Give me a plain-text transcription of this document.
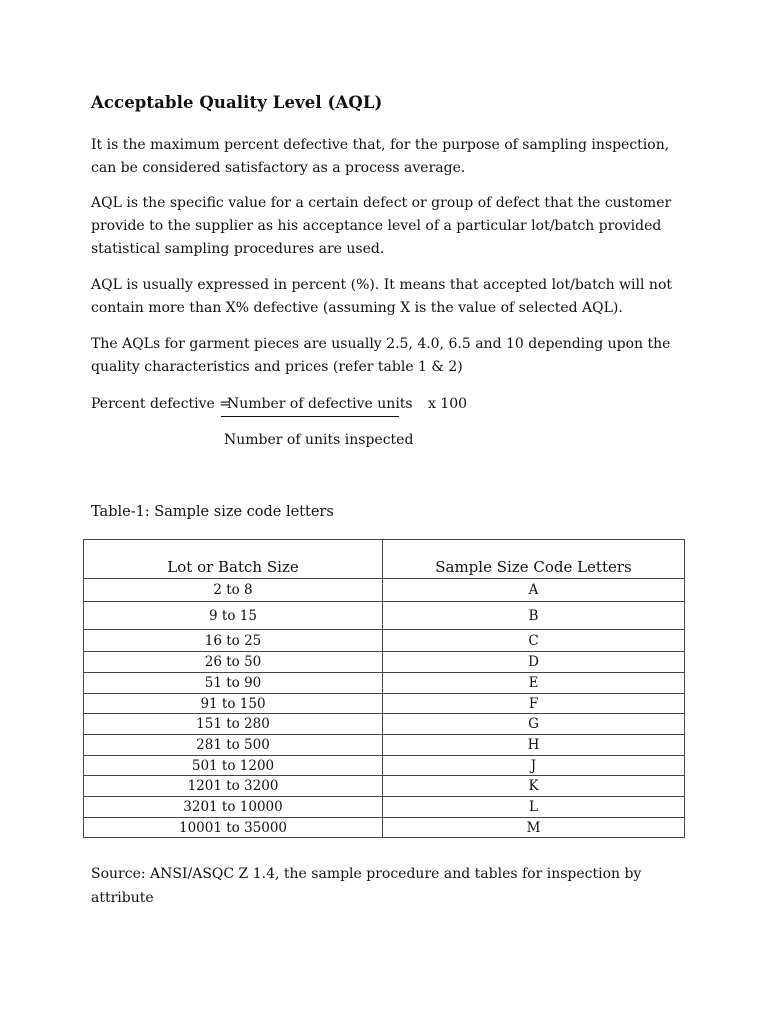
Acceptable Quality Level (AQL)
It is the maximum percent defective that, for the purpose of sampling inspection, can be considered satisfactory as a process average.
AQL is the specific value for a certain defect or group of defect that the customer provide to the supplier as his acceptance level of a particular lot/batch provided statistical sampling procedures are used.
AQL is usually expressed in percent (%). It means that accepted lot/batch will not contain more than X% defective (assuming X is the value of selected AQL).
The AQLs for garment pieces are usually 2.5, 4.0, 6.5 and 10 depending upon the quality characteristics and prices (refer table 1 & 2)
Percent defective =
Number of defective units x 100
Number of units inspected
Table-1: Sample size code letters
Lot or Batch Size	Sample Size Code Letters
2 to 8	A
9 to 15	B
16 to 25	C
26 to 50	D
51 to 90	E
91 to 150	F
151 to 280	G
281 to 500	H
501 to 1200	J
1201 to 3200	K
3201 to 10000	L
10001 to 35000	M
Source: ANSI/ASQC Z 1.4, the sample procedure and tables for inspection by attribute
